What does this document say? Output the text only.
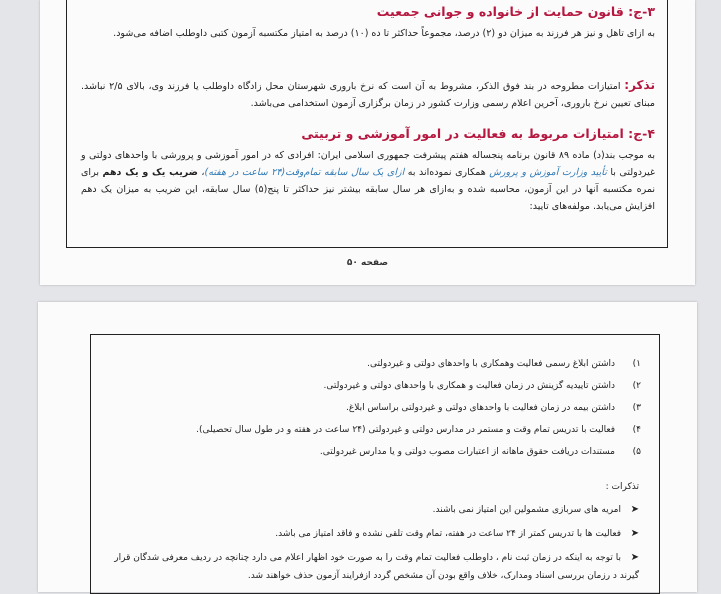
۳-ج: قانون حمایت از خانواده و جوانی جمعیت
به ازای تاهل و نیز هر فرزند به میزان دو (۲) درصد، مجموعاً حداکثر تا ده (۱۰) درصد به امتیاز مکتسبه آزمون کتبی داوطلب اضافه می‌شود.
تذکر: امتیازات مطروحه در بند فوق الذکر، مشروط به آن است که نرخ باروری شهرستان محل زادگاه داوطلب یا فرزند وی، بالای ۲/۵ نباشد. مبنای تعیین نرخ باروری، آخرین اعلام رسمی وزارت کشور در زمان برگزاری آزمون استخدامی می‌باشد.
۴-ج: امتیازات مربوط به فعالیت در امور آموزشی و تربیتی
به موجب بند(د) ماده ۸۹ قانون برنامه پنجساله هفتم پیشرفت جمهوری اسلامی ایران: افرادی که در امور آموزشی و پرورشی با واحدهای دولتی و غیردولتی با تأیید وزارت آموزش و پرورش همکاری نموده‌اند به ازای یک سال سابقه تمام‌وقت(۲۴ ساعت در هفته)، ضریب یک و یک دهم برای نمره مکتسبه آنها در این آزمون، محاسبه شده و به‌ازای هر سال سابقه بیشتر نیز حداکثر تا پنج(۵) سال سابقه، این ضریب به میزان یک دهم افزایش می‌یابد. مولفه‌های تایید:
صفحه ۵۰
۱)داشتن ابلاغ رسمی فعالیت وهمکاری با واحدهای دولتی و غیردولتی.
۲)داشتن تاییدیه گزینش در زمان فعالیت و همکاری با واحدهای دولتی و غیردولتی.
۳)داشتن بیمه در زمان فعالیت با واحدهای دولتی و غیردولتی براساس ابلاغ.
۴)فعالیت با تدریس تمام وقت و مستمر در مدارس دولتی و غیردولتی (۲۴ ساعت در هفته و در طول سال تحصیلی).
۵)مستندات دریافت حقوق ماهانه از اعتبارات مصوب دولتی و یا مدارس غیردولتی.
تذکرات :
➤امریه های سربازی مشمولین این امتیاز نمی باشند.
➤فعالیت ها با تدریس کمتر از ۲۴ ساعت در هفته، تمام وقت تلقی نشده و فاقد امتیاز می باشد.
➤با توجه به اینکه در زمان ثبت نام ، داوطلب فعالیت تمام وقت را به صورت خود اظهار اعلام می دارد چنانچه در ردیف معرفی شدگان قرار گیرند د رزمان بررسی اسناد ومدارک، خلاف واقع بودن آن مشخص گردد ازفرایند آزمون حذف خواهند شد.
